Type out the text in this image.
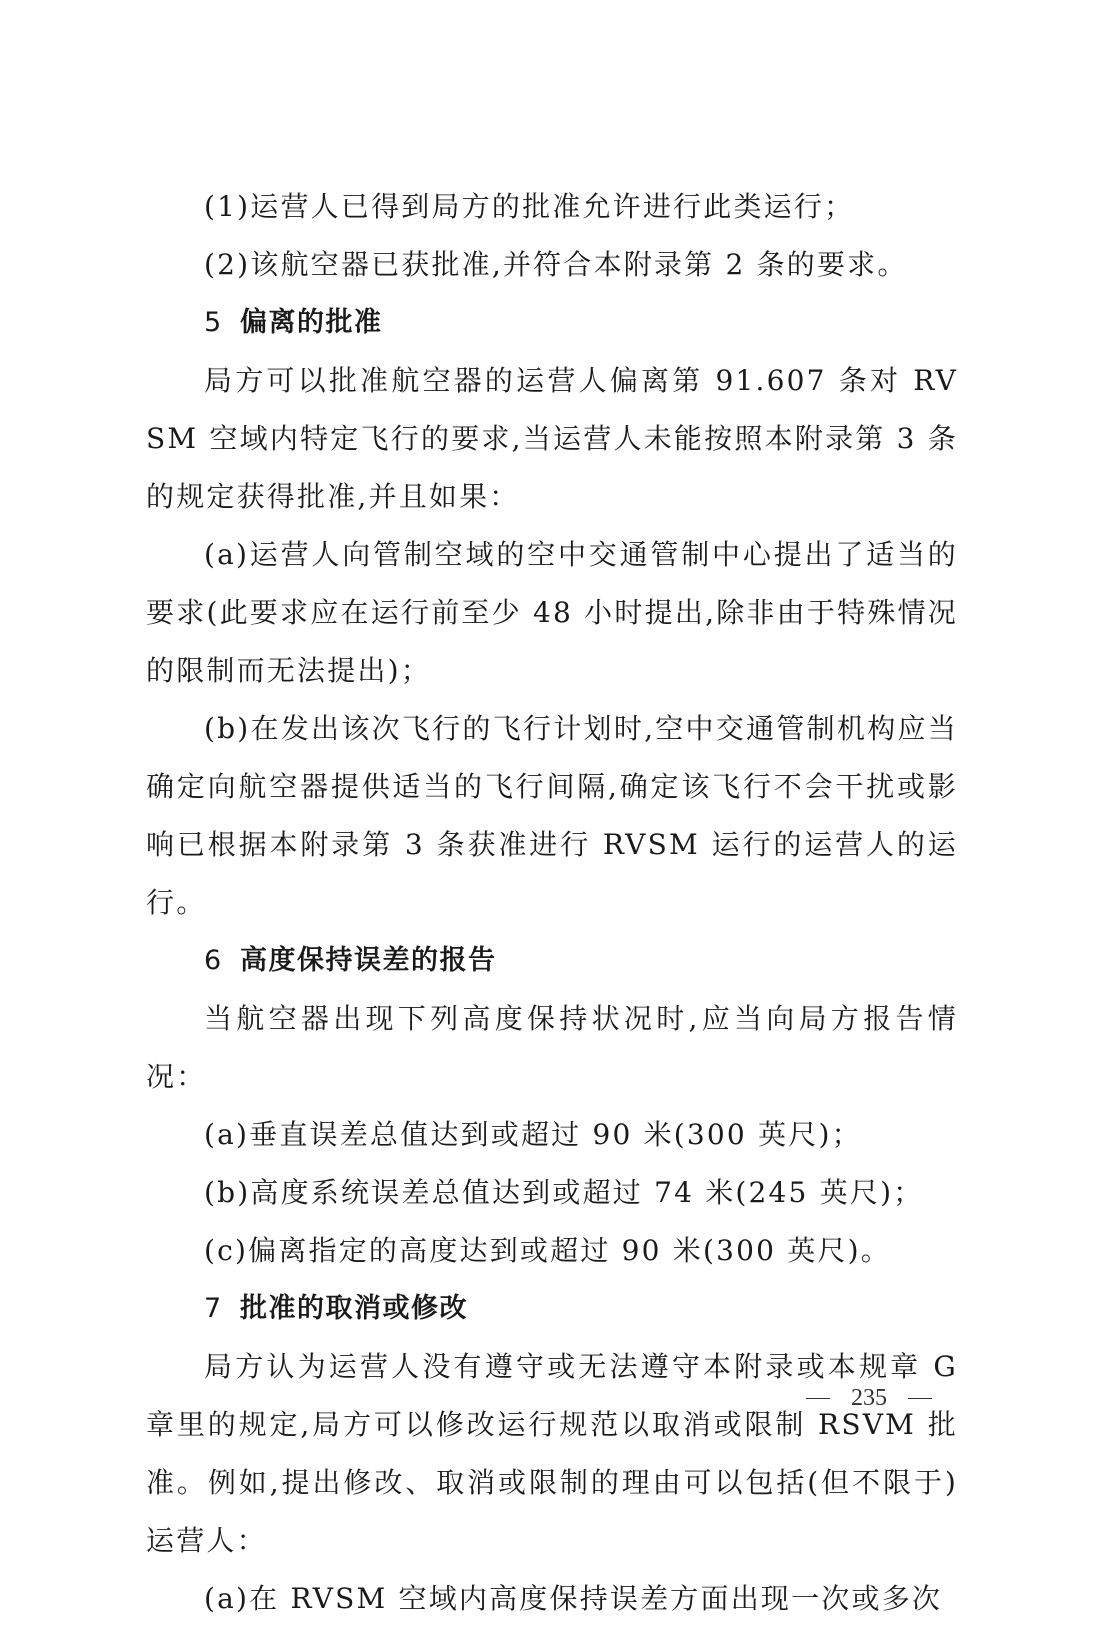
(1)运营人已得到局方的批准允许进行此类运行；

(2)该航空器已获批准,并符合本附录第 2 条的要求。

5 偏离的批准

局方可以批准航空器的运营人偏离第 91.607 条对 RVSM 空域内特定飞行的要求,当运营人未能按照本附录第 3 条的规定获得批准,并且如果：

(a)运营人向管制空域的空中交通管制中心提出了适当的要求(此要求应在运行前至少 48 小时提出,除非由于特殊情况的限制而无法提出)；

(b)在发出该次飞行的飞行计划时,空中交通管制机构应当确定向航空器提供适当的飞行间隔,确定该飞行不会干扰或影响已根据本附录第 3 条获准进行 RVSM 运行的运营人的运行。

6 高度保持误差的报告

当航空器出现下列高度保持状况时,应当向局方报告情况：

(a)垂直误差总值达到或超过 90 米(300 英尺)；

(b)高度系统误差总值达到或超过 74 米(245 英尺)；

(c)偏离指定的高度达到或超过 90 米(300 英尺)。

7 批准的取消或修改

局方认为运营人没有遵守或无法遵守本附录或本规章 G 章里的规定,局方可以修改运行规范以取消或限制 RSVM 批准。例如,提出修改、取消或限制的理由可以包括(但不限于)运营人：

(a)在 RVSM 空域内高度保持误差方面出现一次或多次

235
